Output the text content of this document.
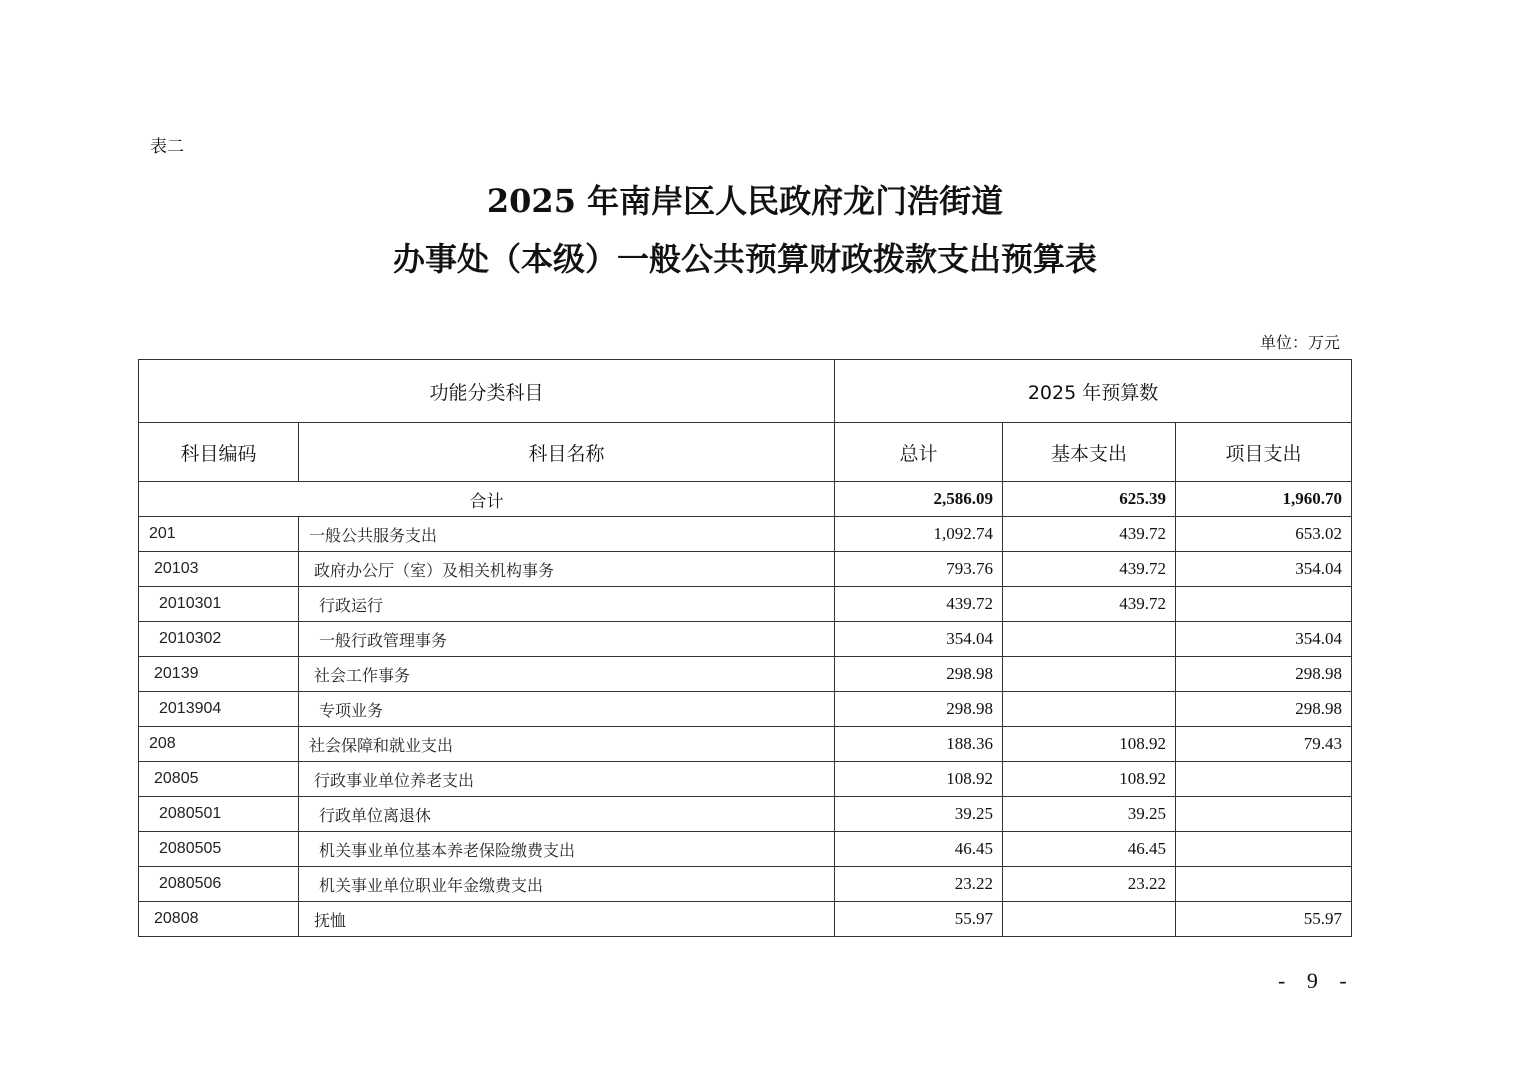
表二
2025 年南岸区人民政府龙门浩街道
办事处（本级）一般公共预算财政拨款支出预算表
单位：万元
功能分类科目		2025 年预算数		
科目编码	科目名称	总计	基本支出	项目支出
合计		2,586.09	625.39	1,960.70
201	一般公共服务支出	1,092.74	439.72	653.02
20103	政府办公厅（室）及相关机构事务	793.76	439.72	354.04
2010301	行政运行	439.72	439.72	
2010302	一般行政管理事务	354.04		354.04
20139	社会工作事务	298.98		298.98
2013904	专项业务	298.98		298.98
208	社会保障和就业支出	188.36	108.92	79.43
20805	行政事业单位养老支出	108.92	108.92	
2080501	行政单位离退休	39.25	39.25	
2080505	机关事业单位基本养老保险缴费支出	46.45	46.45	
2080506	机关事业单位职业年金缴费支出	23.22	23.22	
20808	抚恤	55.97		55.97
- 9 -
